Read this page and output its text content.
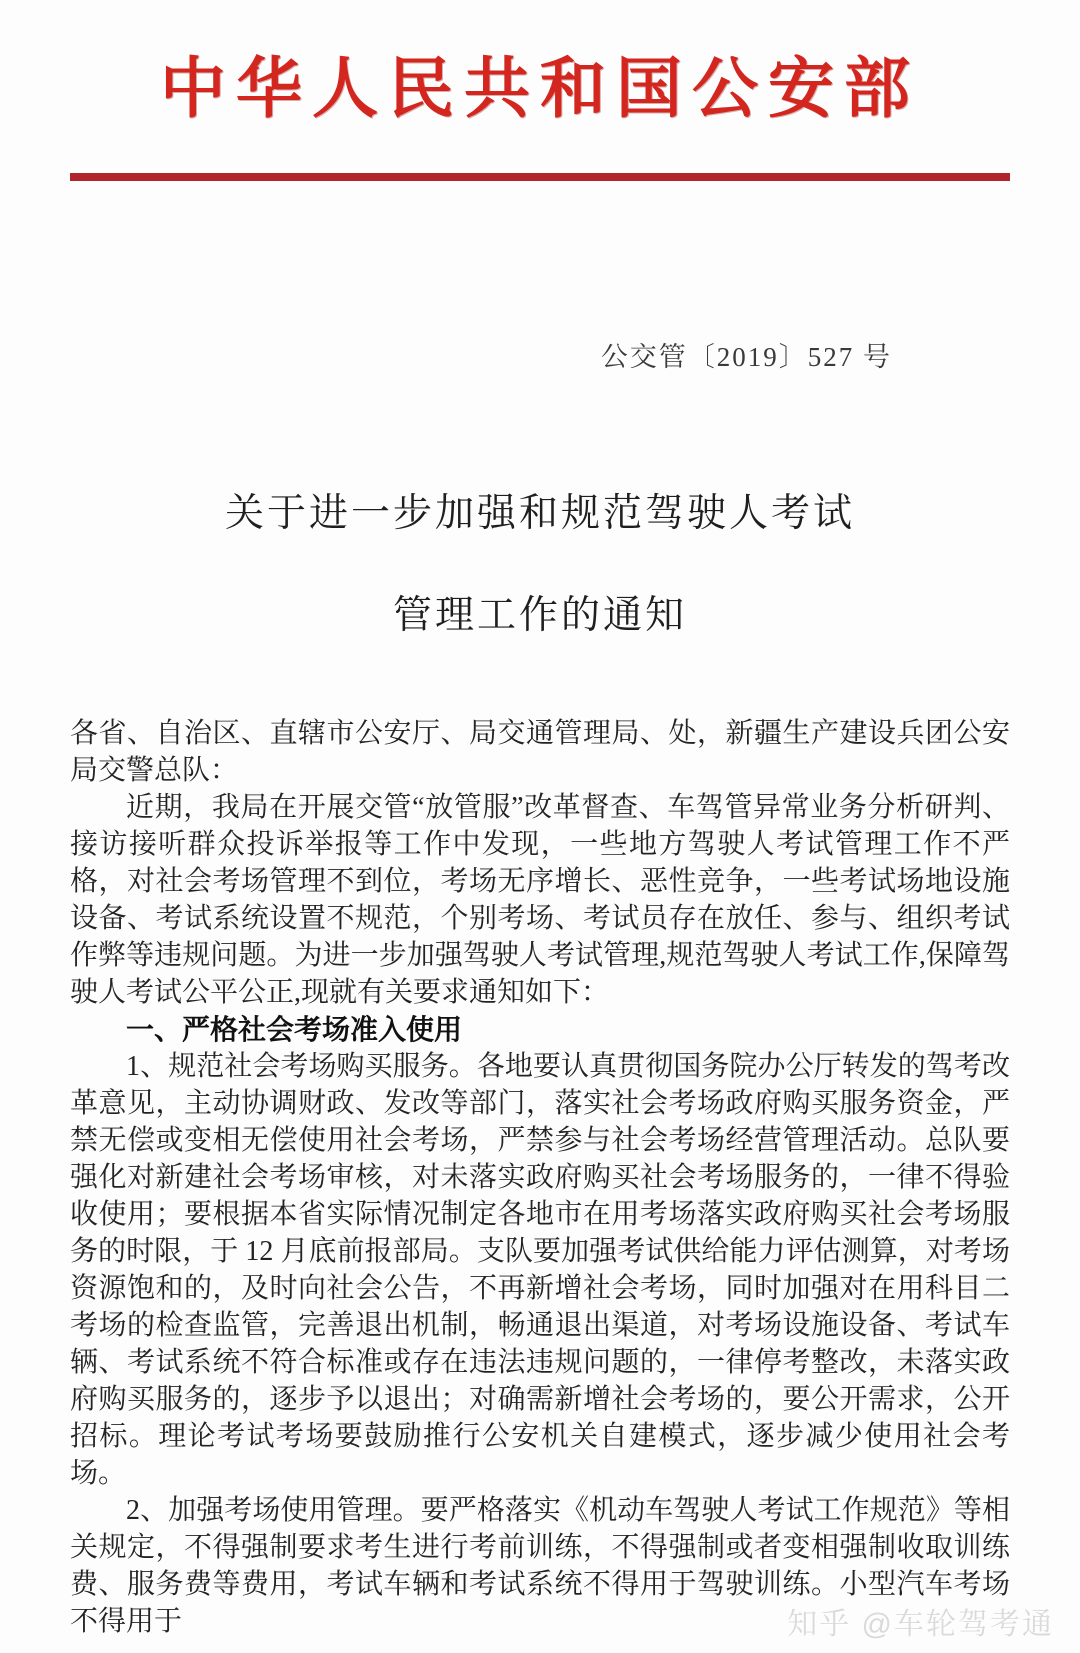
中华人民共和国公安部
公交管〔2019〕527 号
关于进一步加强和规范驾驶人考试
管理工作的通知

各省、自治区、直辖市公安厅、局交通管理局、处，新疆生产建设兵团公安局交警总队：

近期，我局在开展交管“放管服”改革督查、车驾管异常业务分析研判、接访接听群众投诉举报等工作中发现，一些地方驾驶人考试管理工作不严格，对社会考场管理不到位，考场无序增长、恶性竞争，一些考试场地设施设备、考试系统设置不规范，个别考场、考试员存在放任、参与、组织考试作弊等违规问题。为进一步加强驾驶人考试管理,规范驾驶人考试工作,保障驾驶人考试公平公正,现就有关要求通知如下：

一、严格社会考场准入使用

1、规范社会考场购买服务。各地要认真贯彻国务院办公厅转发的驾考改革意见，主动协调财政、发改等部门，落实社会考场政府购买服务资金，严禁无偿或变相无偿使用社会考场，严禁参与社会考场经营管理活动。总队要强化对新建社会考场审核，对未落实政府购买社会考场服务的，一律不得验收使用；要根据本省实际情况制定各地市在用考场落实政府购买社会考场服务的时限，于 12 月底前报部局。支队要加强考试供给能力评估测算，对考场资源饱和的，及时向社会公告，不再新增社会考场，同时加强对在用科目二考场的检查监管，完善退出机制，畅通退出渠道，对考场设施设备、考试车辆、考试系统不符合标准或存在违法违规问题的，一律停考整改，未落实政府购买服务的，逐步予以退出；对确需新增社会考场的，要公开需求，公开招标。理论考试考场要鼓励推行公安机关自建模式，逐步减少使用社会考场。

2、加强考场使用管理。要严格落实《机动车驾驶人考试工作规范》等相关规定，不得强制要求考生进行考前训练，不得强制或者变相强制收取训练费、服务费等费用，考试车辆和考试系统不得用于驾驶训练。小型汽车考场不得用于	知乎 @车轮驾考通
